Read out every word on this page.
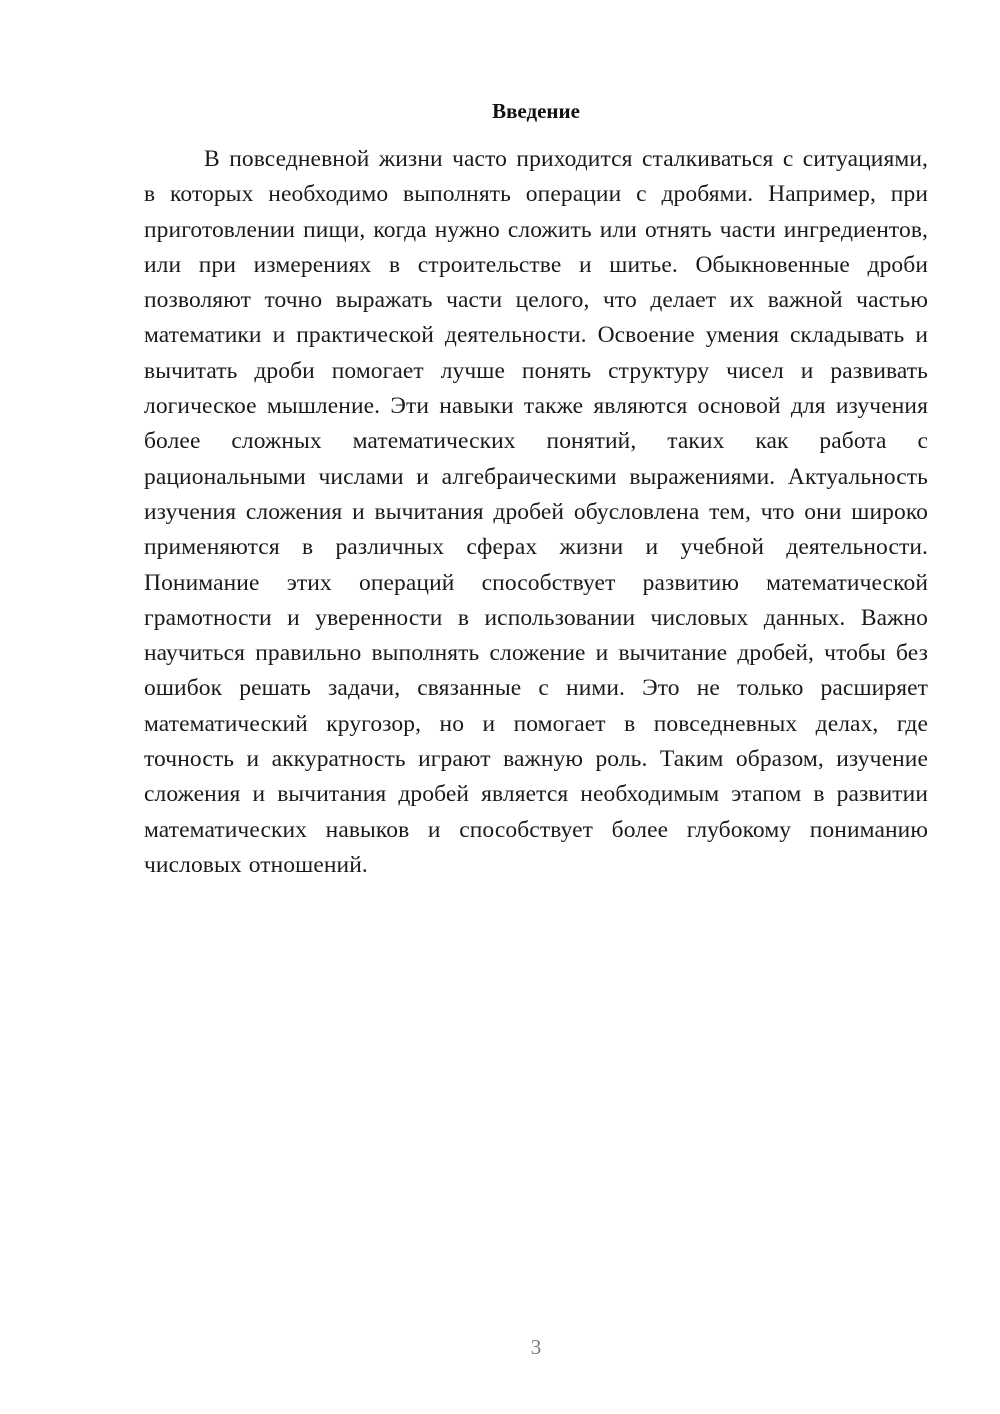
Введение

В повседневной жизни часто приходится сталкиваться с ситуациями, в которых необходимо выполнять операции с дробями. Например, при приготовлении пищи, когда нужно сложить или отнять части ингредиентов, или при измерениях в строительстве и шитье. Обыкновенные дроби позволяют точно выражать части целого, что делает их важной частью математики и практической деятельности. Освоение умения складывать и вычитать дроби помогает лучше понять структуру чисел и развивать логическое мышление. Эти навыки также являются основой для изучения более сложных математических понятий, таких как работа с рациональными числами и алгебраическими выражениями. Актуальность изучения сложения и вычитания дробей обусловлена тем, что они широко применяются в различных сферах жизни и учебной деятельности. Понимание этих операций способствует развитию математической грамотности и уверенности в использовании числовых данных. Важно научиться правильно выполнять сложение и вычитание дробей, чтобы без ошибок решать задачи, связанные с ними. Это не только расширяет математический кругозор, но и помогает в повседневных делах, где точность и аккуратность играют важную роль. Таким образом, изучение сложения и вычитания дробей является необходимым этапом в развитии математических навыков и способствует более глубокому пониманию числовых отношений.

3
